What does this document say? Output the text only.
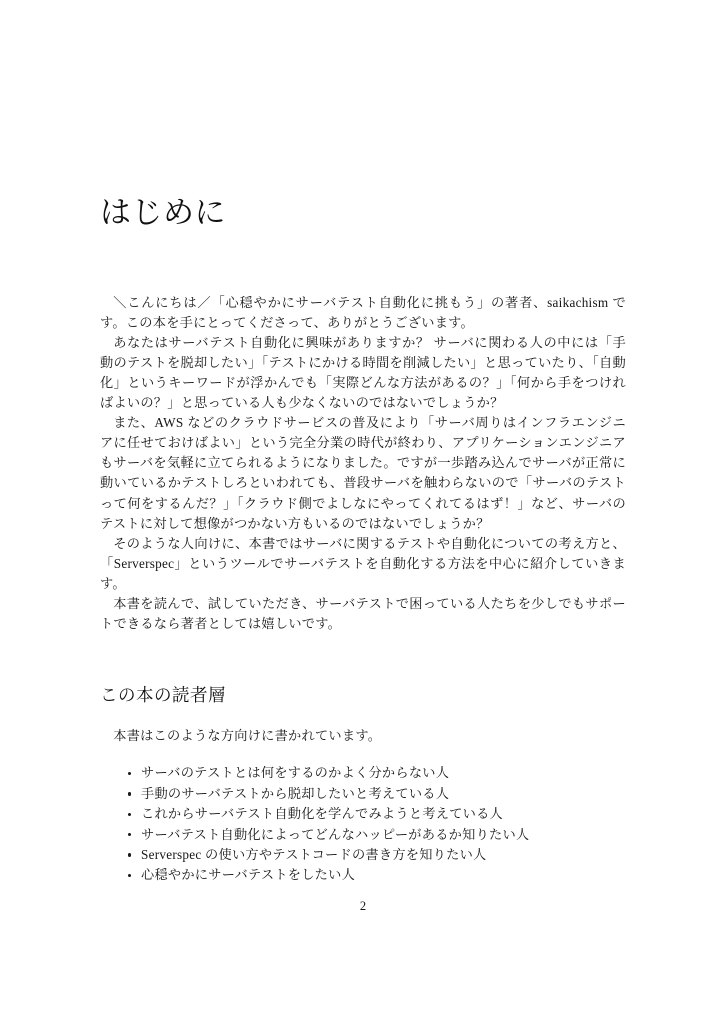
はじめに

＼こんにちは／「心穏やかにサーバテスト自動化に挑もう」の著者、saikachism です。この本を手にとってくださって、ありがとうございます。

あなたはサーバテスト自動化に興味がありますか？ サーバに関わる人の中には「手動のテストを脱却したい」「テストにかける時間を削減したい」と思っていたり、「自動化」というキーワードが浮かんでも「実際どんな方法があるの？」「何から手をつければよいの？」と思っている人も少なくないのではないでしょうか？

また、AWS などのクラウドサービスの普及により「サーバ周りはインフラエンジニアに任せておけばよい」という完全分業の時代が終わり、アプリケーションエンジニアもサーバを気軽に立てられるようになりました。ですが一歩踏み込んでサーバが正常に動いているかテストしろといわれても、普段サーバを触わらないので「サーバのテストって何をするんだ？」「クラウド側でよしなにやってくれてるはず！」など、サーバのテストに対して想像がつかない方もいるのではないでしょうか？

そのような人向けに、本書ではサーバに関するテストや自動化についての考え方と、「Serverspec」というツールでサーバテストを自動化する方法を中心に紹介していきます。

本書を読んで、試していただき、サーバテストで困っている人たちを少しでもサポートできるなら著者としては嬉しいです。

この本の読者層

本書はこのような方向けに書かれています。

サーバのテストとは何をするのかよく分からない人
手動のサーバテストから脱却したいと考えている人
これからサーバテスト自動化を学んでみようと考えている人
サーバテスト自動化によってどんなハッピーがあるか知りたい人
Serverspec の使い方やテストコードの書き方を知りたい人
心穏やかにサーバテストをしたい人
2
